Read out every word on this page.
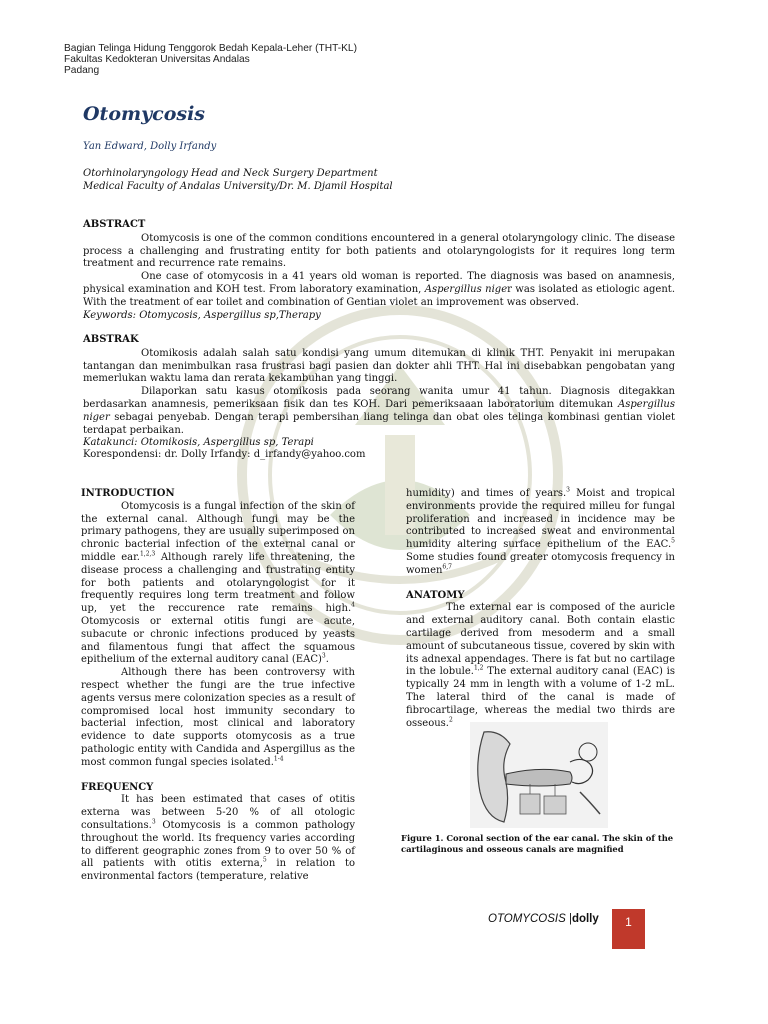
Bagian Telinga Hidung Tenggorok Bedah Kepala-Leher (THT-KL)
Fakultas Kedokteran Universitas Andalas
Padang
Otomycosis
Yan Edward, Dolly Irfandy
Otorhinolaryngology Head and Neck Surgery Department
Medical Faculty of Andalas University/Dr. M. Djamil Hospital
ABSTRACT

Otomycosis is one of the common conditions encountered in a general otolaryngology clinic. The disease process a challenging and frustrating entity for both patients and otolaryngologists for it requires long term treatment and recurrence rate remains.

One case of otomycosis in a 41 years old woman is reported. The diagnosis was based on anamnesis, physical examination and KOH test. From laboratory examination, Aspergillus niger was isolated as etiologic agent. With the treatment of ear toilet and combination of Gentian violet an improvement was observed.

Keywords: Otomycosis, Aspergillus sp,Therapy

ABSTRAK

Otomikosis adalah salah satu kondisi yang umum ditemukan di klinik THT. Penyakit ini merupakan tantangan dan menimbulkan rasa frustrasi bagi pasien dan dokter ahli THT. Hal ini disebabkan pengobatan yang memerlukan waktu lama dan rerata kekambuhan yang tinggi.

Dilaporkan satu kasus otomikosis pada seorang wanita umur 41 tahun. Diagnosis ditegakkan berdasarkan anamnesis, pemeriksaan fisik dan tes KOH. Dari pemeriksaaan laboratorium ditemukan Aspergillus niger sebagai penyebab. Dengan terapi pembersihan liang telinga dan obat oles telinga kombinasi gentian violet terdapat perbaikan.

Katakunci: Otomikosis, Aspergillus sp, Terapi

Korespondensi: dr. Dolly Irfandy: d_irfandy@yahoo.com
INTRODUCTION

Otomycosis is a fungal infection of the skin of the external canal. Although fungi may be the primary pathogens, they are usually superimposed on chronic bacterial infection of the external canal or middle ear.$^{1,2,3}$ Although rarely life threatening, the disease process a challenging and frustrating entity for both patients and otolaryngologist for it frequently requires long term treatment and follow up, yet the reccurence rate remains high.$^4$ Otomycosis or external otitis fungi are acute, subacute or chronic infections produced by yeasts and filamentous fungi that affect the squamous epithelium of the external auditory canal (EAC)$^3$.

Although there has been controversy with respect whether the fungi are the true infective agents versus mere colonization species as a result of compromised local host immunity secondary to bacterial infection, most clinical and laboratory evidence to date supports otomycosis as a true pathologic entity with Candida and Aspergillus as the most common fungal species isolated.$^{1-4}$

FREQUENCY

It has been estimated that cases of otitis externa was between 5-20 % of all otologic consultations.$^3$ Otomycosis is a common pathology throughout the world. Its frequency varies according to different geographic zones from 9 to over 50 % of all patients with otitis externa,$^5$ in relation to environmental factors (temperature, relative

humidity) and times of years.$^3$ Moist and tropical environments provide the required milleu for fungal proliferation and increased in incidence may be contributed to increased sweat and environmental humidity altering surface epithelium of the EAC.$^5$ Some studies found greater otomycosis frequency in women$^{6,7}$

ANATOMY

The external ear is composed of the auricle and external auditory canal. Both contain elastic cartilage derived from mesoderm and a small amount of subcutaneous tissue, covered by skin with its adnexal appendages. There is fat but no cartilage in the lobule.$^{1,2}$ The external auditory canal (EAC) is typically 24 mm in length with a volume of 1-2 mL. The lateral third of the canal is made of fibrocartilage, whereas the medial two thirds are osseous.$^2$

Figure 1. Coronal section of the ear canal. The skin of the cartilaginous and osseous canals are magnified
OTOMYCOSIS |dolly	1
